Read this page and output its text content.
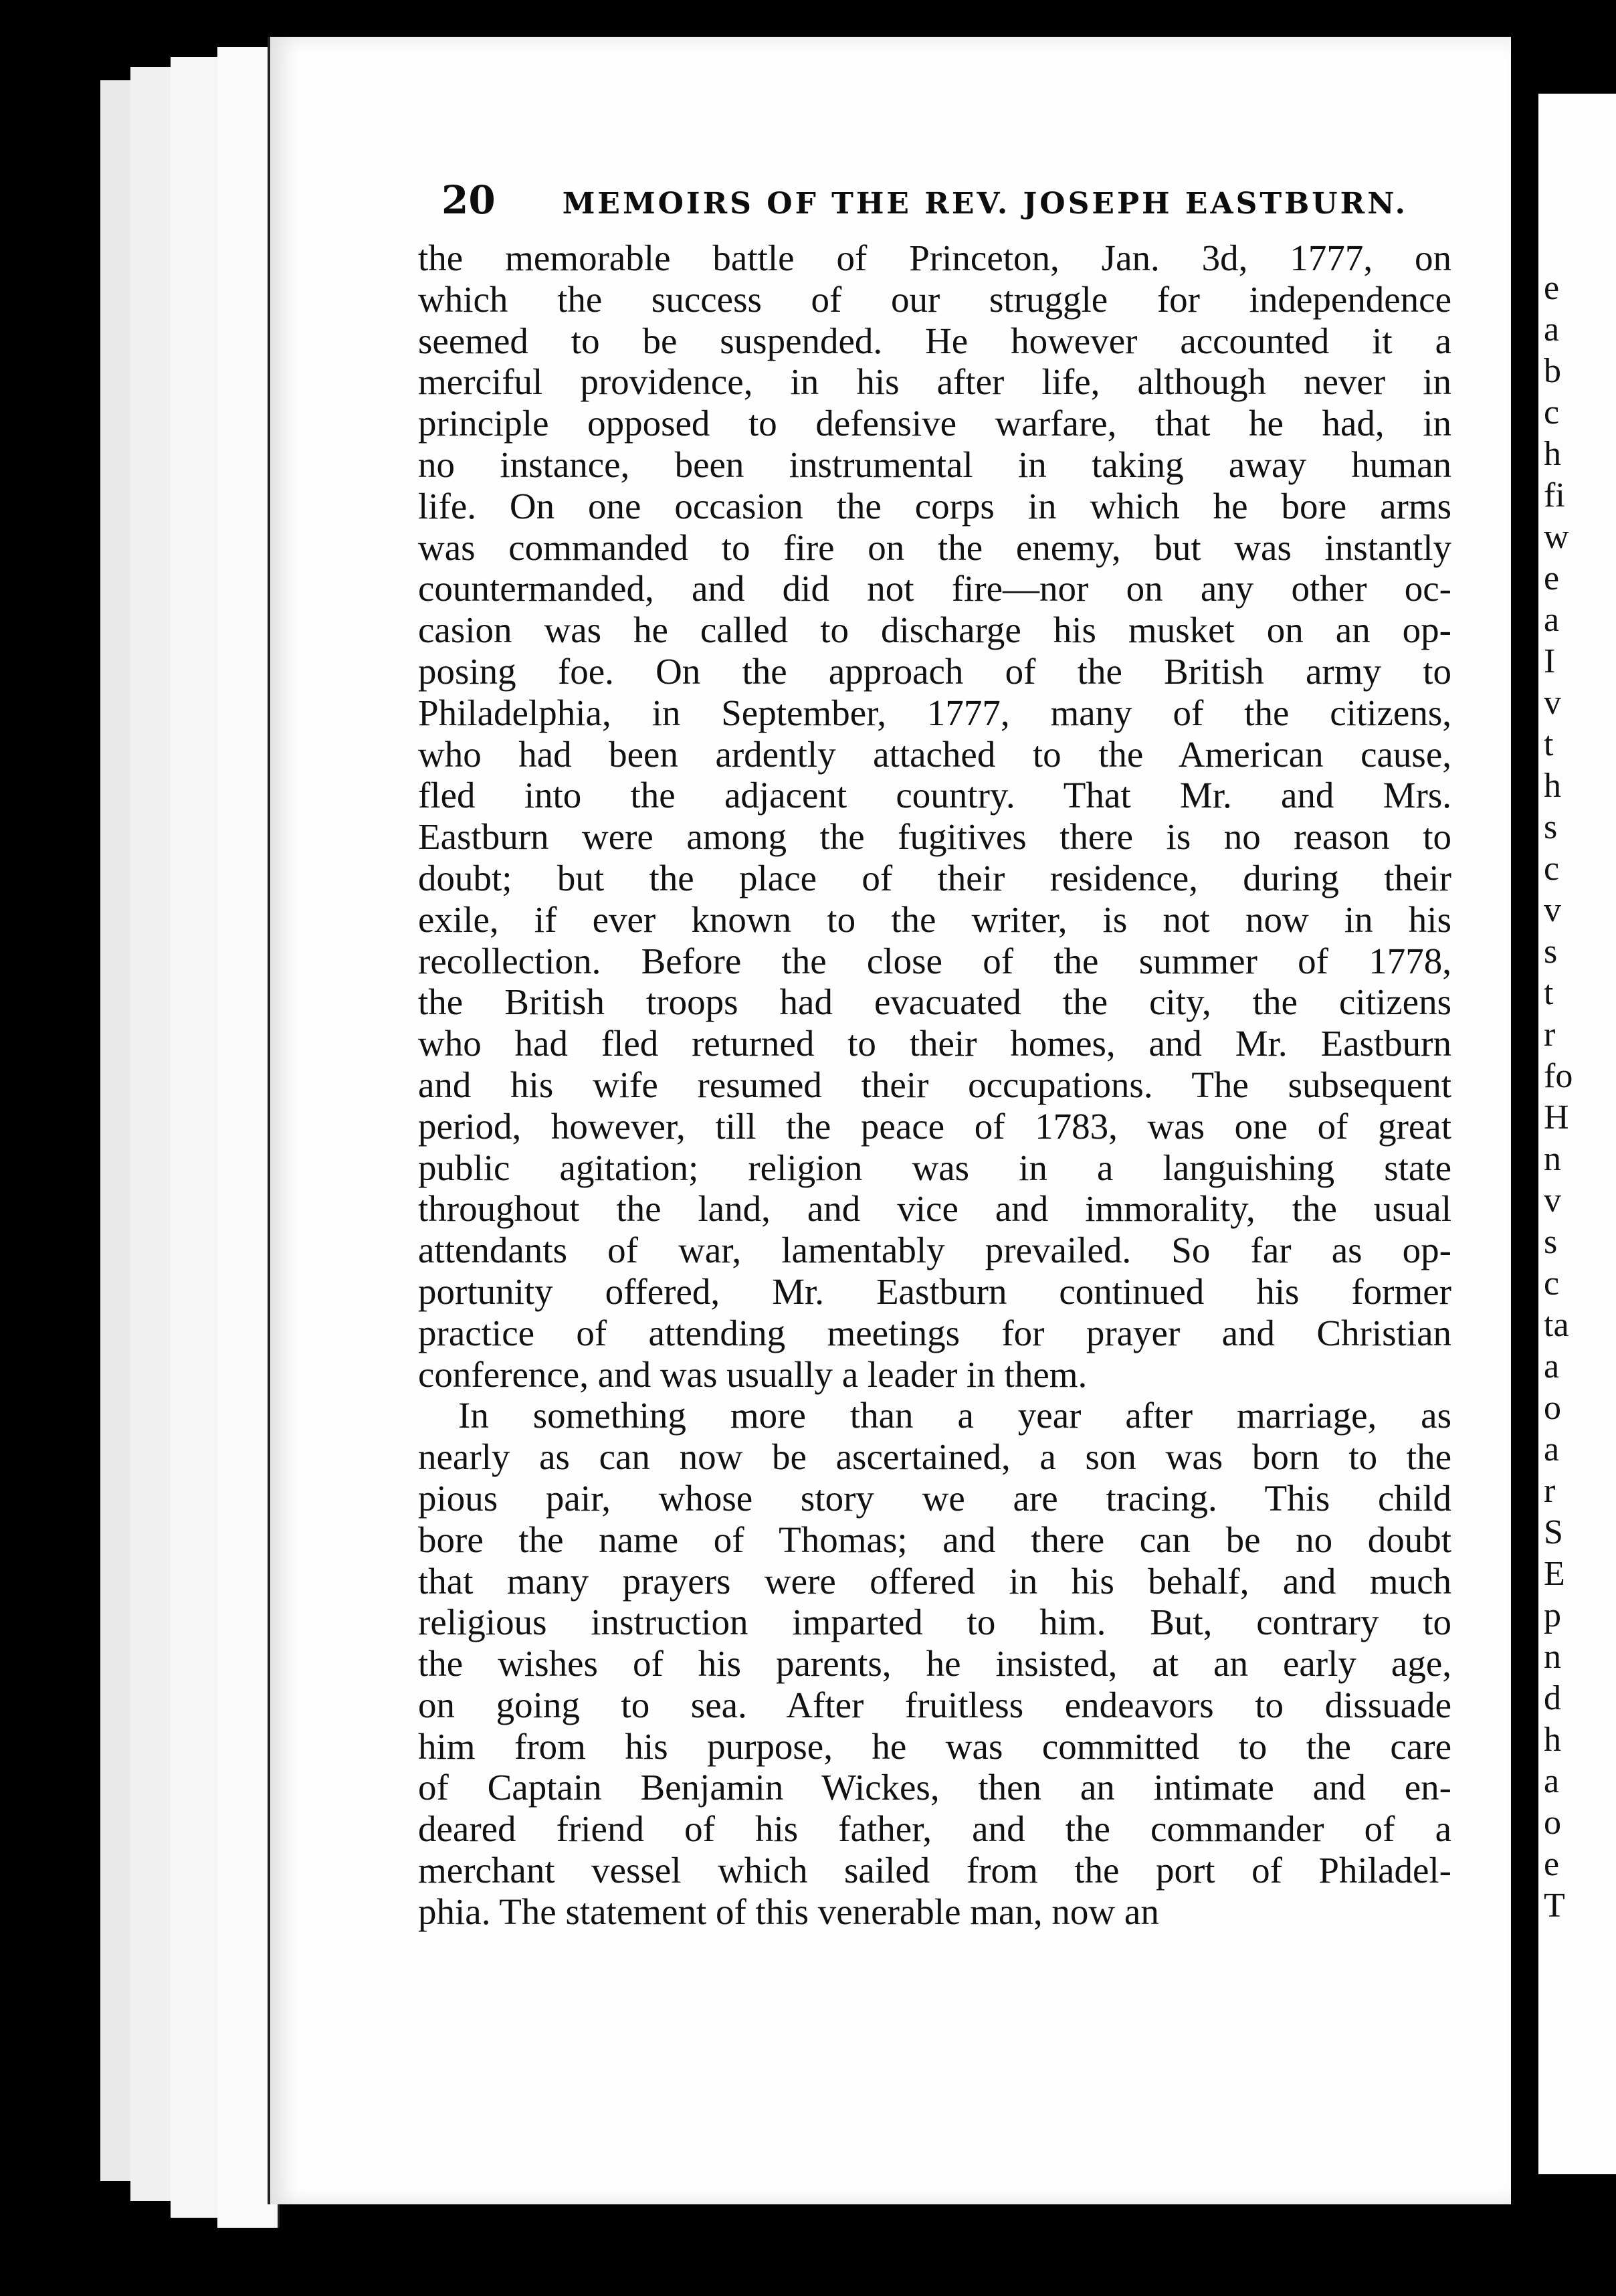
e
a
b
c
h
fi
w
e
a
I
v
t
h
s
c
v
s
t
r
fo
H
n
v
s
c
ta
a
o
a
r
S
E
p
n
d
h
a
o
e
T
20 MEMOIRS OF THE REV. JOSEPH EASTBURN.
the memorable battle of Princeton, Jan. 3d, 1777, on
which the success of our struggle for independence
seemed to be suspended. He however accounted it a
merciful providence, in his after life, although never in
principle opposed to defensive warfare, that he had, in
no instance, been instrumental in taking away human
life. On one occasion the corps in which he bore arms
was commanded to fire on the enemy, but was instantly
countermanded, and did not fire—nor on any other oc-
casion was he called to discharge his musket on an op-
posing foe. On the approach of the British army to
Philadelphia, in September, 1777, many of the citizens,
who had been ardently attached to the American cause,
fled into the adjacent country. That Mr. and Mrs.
Eastburn were among the fugitives there is no reason to
doubt; but the place of their residence, during their
exile, if ever known to the writer, is not now in his
recollection. Before the close of the summer of 1778,
the British troops had evacuated the city, the citizens
who had fled returned to their homes, and Mr. Eastburn
and his wife resumed their occupations. The subsequent
period, however, till the peace of 1783, was one of great
public agitation; religion was in a languishing state
throughout the land, and vice and immorality, the usual
attendants of war, lamentably prevailed. So far as op-
portunity offered, Mr. Eastburn continued his former
practice of attending meetings for prayer and Christian
conference, and was usually a leader in them.
In something more than a year after marriage, as
nearly as can now be ascertained, a son was born to the
pious pair, whose story we are tracing. This child
bore the name of Thomas; and there can be no doubt
that many prayers were offered in his behalf, and much
religious instruction imparted to him. But, contrary to
the wishes of his parents, he insisted, at an early age,
on going to sea. After fruitless endeavors to dissuade
him from his purpose, he was committed to the care
of Captain Benjamin Wickes, then an intimate and en-
deared friend of his father, and the commander of a
merchant vessel which sailed from the port of Philadel-
phia. The statement of this venerable man, now an
